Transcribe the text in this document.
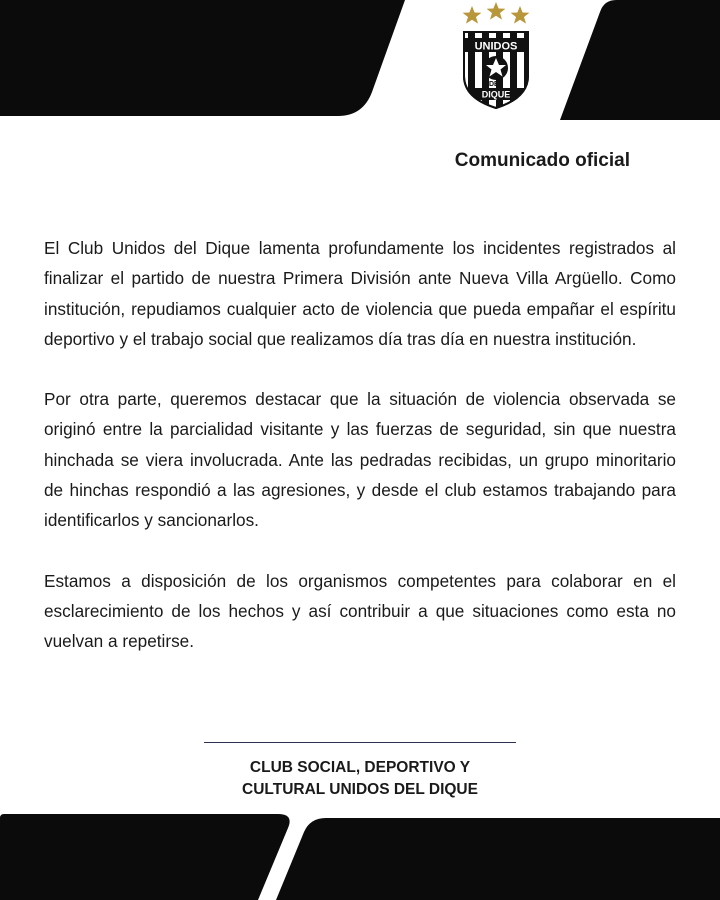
UNIDOS
DEL
DIQUE
Comunicado oficial

El Club Unidos del Dique lamenta profundamente los incidentes registrados al finalizar el partido de nuestra Primera División ante Nueva Villa Argüello. Como institución, repudiamos cualquier acto de violencia que pueda empañar el espíritu deportivo y el trabajo social que realizamos día tras día en nuestra institución.

Por otra parte, queremos destacar que la situación de violencia observada se originó entre la parcialidad visitante y las fuerzas de seguridad, sin que nuestra hinchada se viera involucrada. Ante las pedradas recibidas, un grupo minoritario de hinchas respondió a las agresiones, y desde el club estamos trabajando para identificarlos y sancionarlos.

Estamos a disposición de los organismos competentes para colaborar en el esclarecimiento de los hechos y así contribuir a que situaciones como esta no vuelvan a repetirse.

CLUB SOCIAL, DEPORTIVO Y
CULTURAL UNIDOS DEL DIQUE
